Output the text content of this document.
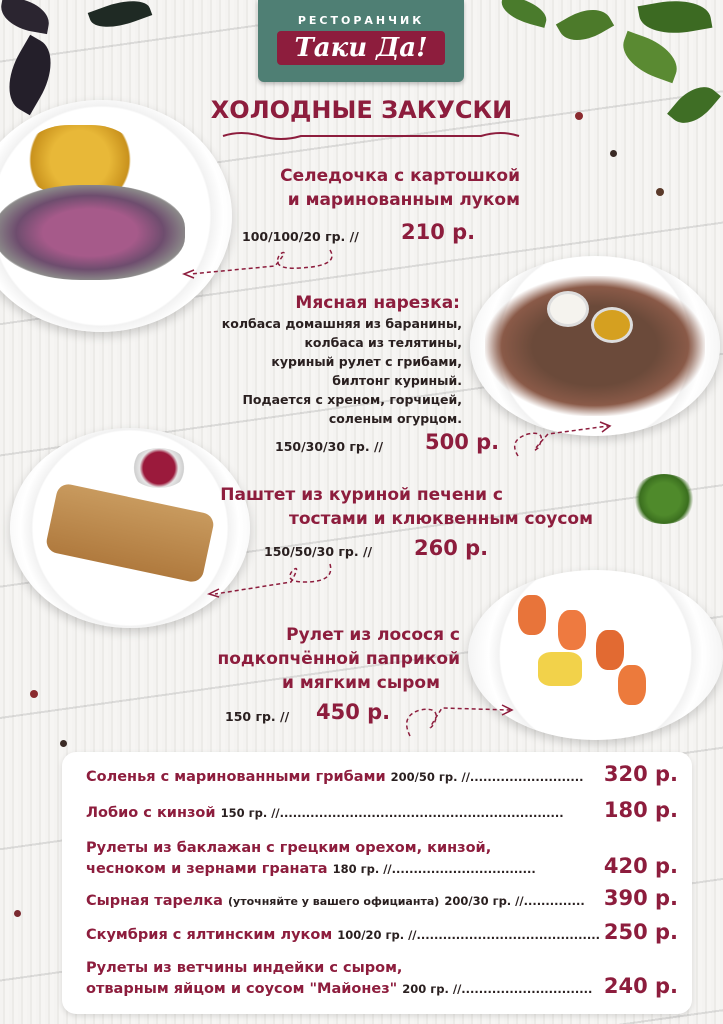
РЕСТОРАНЧИК
Таки Да!
ХОЛОДНЫЕ ЗАКУСКИ
Селедочка с картошкой
и маринованным луком
100/100/20 гр. // 210 р.
Мясная нарезка:
колбаса домашняя из баранины,
колбаса из телятины,
куриный рулет с грибами,
билтонг куриный.
Подается с хреном, горчицей,
соленым огурцом.
150/30/30 гр. // 500 р.
Паштет из куриной печени с
тостами и клюквенным соусом
150/50/30 гр. // 260 р.
Рулет из лосося с
подкопчённой паприкой
и мягким сыром
150 гр. // 450 р.
Соленья с маринованными грибами 200/50 гр. //.......................... 320 р.
Лобио с кинзой 150 гр. //................................................................. 180 р.
Рулеты из баклажан с грецким орехом, кинзой,
чесноком и зернами граната 180 гр. //.................................	420 р.
Сырная тарелка (уточняйте у вашего официанта) 200/30 гр. //.............. 390 р.
Скумбрия с ялтинским луком 100/20 гр. //.......................................... 250 р.
Рулеты из ветчины индейки с сыром,
отварным яйцом и соусом "Майонез" 200 гр. //.............................. 240 р.
